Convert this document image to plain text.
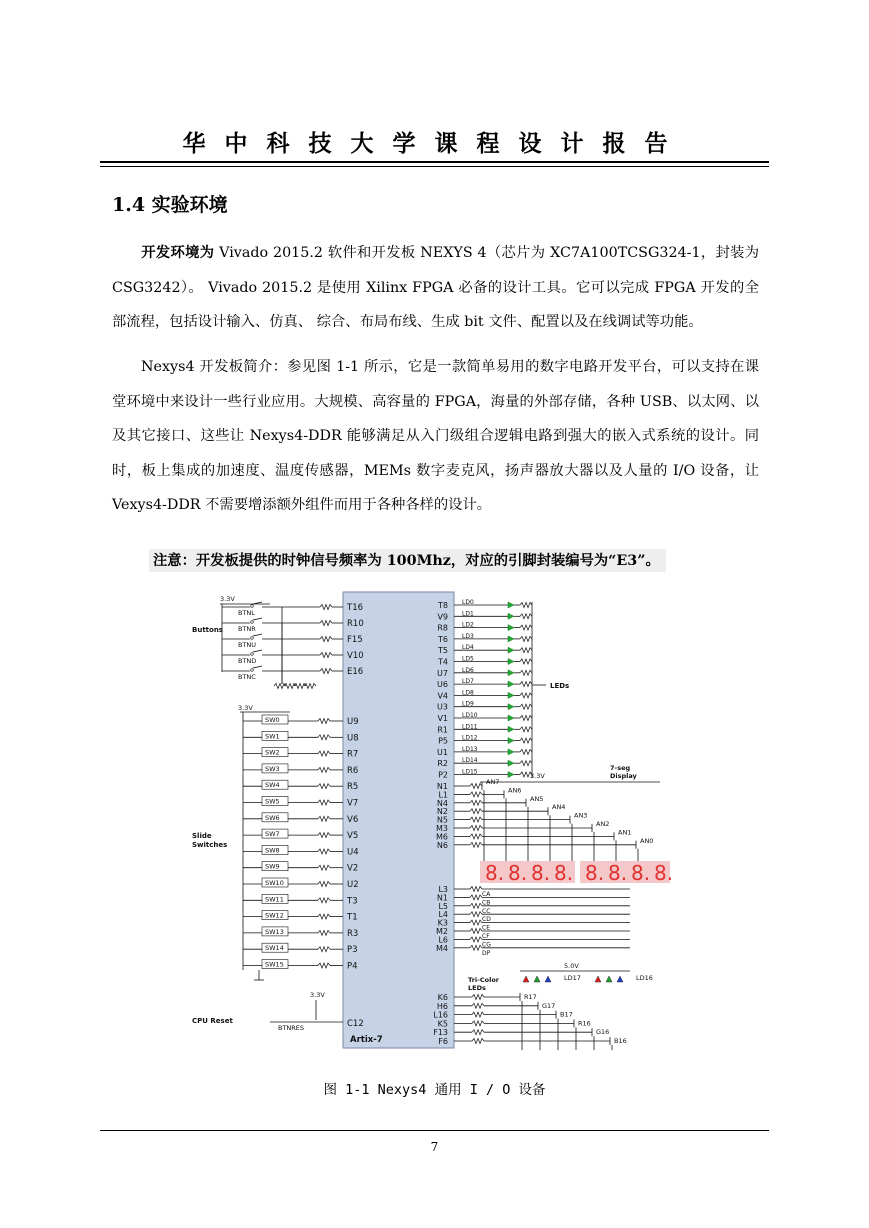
华中科技大学课程设计报告
1.4 实验环境
开发环境为 Vivado 2015.2 软件和开发板 NEXYS 4（芯片为 XC7A100TCSG324-1，封装为 CSG3242）。 Vivado 2015.2 是使用 Xilinx FPGA 必备的设计工具。它可以完成 FPGA 开发的全部流程，包括设计输入、仿真、 综合、布局布线、生成 bit 文件、配置以及在线调试等功能。
Nexys4 开发板简介：参见图 1-1 所示，它是一款简单易用的数字电路开发平台，可以支持在课堂环境中来设计一些行业应用。大规模、高容量的 FPGA，海量的外部存储，各种 USB、以太网、以及其它接口、这些让 Nexys4-DDR 能够满足从入门级组合逻辑电路到强大的嵌入式系统的设计。同时，板上集成的加速度、温度传感器，MEMs 数字麦克风，扬声器放大器以及人量的 I/O 设备，让 Vexys4-DDR 不需要增添额外组件而用于各种各样的设计。
注意：开发板提供的时钟信号频率为 100Mhz，对应的引脚封装编号为“E3”。
Artix-7
3.3V
Buttons
BTNL	T16
BTNR	R10
BTNU	F15
BTND	V10
BTNC	E16
3.3V
Slide
Switches
SW0	U9
SW1	U8
SW2	R7
SW3	R6
SW4	R5
SW5	V7
SW6	V6
SW7	V5
SW8	U4
SW9	V2
SW10	U2
SW11	T3
SW12	T1
SW13	R3
SW14	P3
SW15	P4
CPU Reset
3.3V
BTNRES	C12
T8 LD0
V9 LD1
R8 LD2
T6 LD3
T5 LD4
T4 LD5
U7 LD6
U6 LD7
V4 LD8
U3 LD9
V1 LD10
R1 LD11
P5 LD12
U1 LD13
R2 LD14
P2 LD15
LEDs
3.3V
7-seg
Display
N1	AN7
L1	AN6
N4	AN5
N2	AN4
N5	AN3
M3	AN2
M6	AN1
N6	AN0
8. 8. 8. 8. 8. 8. 8. 8.
L3
CA
N1
CB
L5
CC
L4
CD
K3
CE
M2
CF
L6
CG
M4
DP
Tri-Color
LEDs
5.0V
LD17	LD16
K6	R17
H6	G17
L16	B17
K5	R16
F13	G16
F6	B16
图 1-1 Nexys4 通用 I / O 设备
7
